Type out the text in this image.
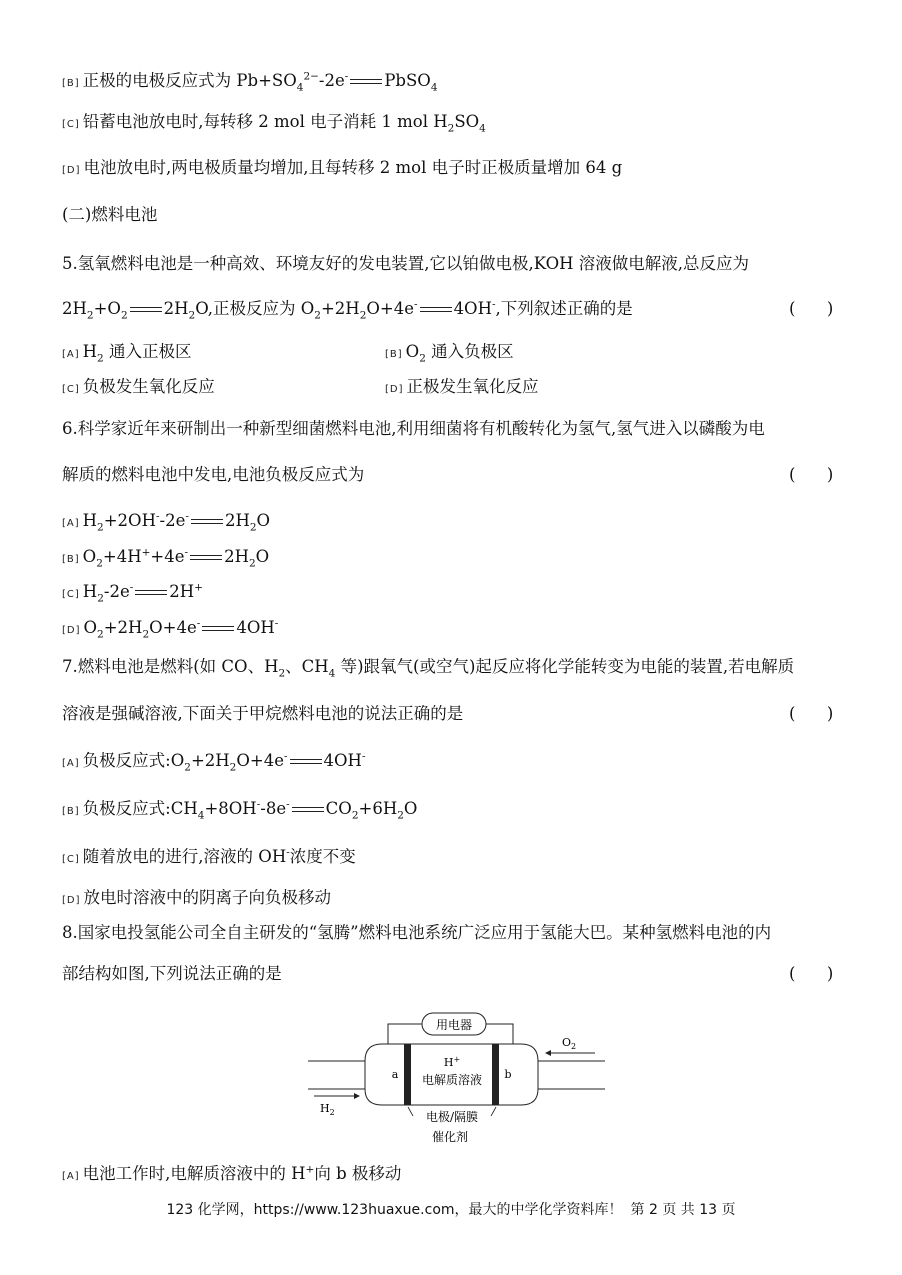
[B] 正极的电极反应式为 $Pb+SO_4^{2-}-2e^-$ PbSO$_4$
[C] 铅蓄电池放电时,每转移 2 mol 电子消耗 1 mol $H_2SO_4$
[D] 电池放电时,两电极质量均增加,且每转移 2 mol 电子时正极质量增加 64 g
(二)燃料电池
5.氢氧燃料电池是一种高效、环境友好的发电装置,它以铂做电极,KOH 溶液做电解液,总反应为
$2H_2+O_2$ $2H_2O$,正极反应为 $O_2+2H_2O+4e^-$ 4OH-,下列叙述正确的是	(      )
[A] $H_2$ 通入正极区	[B] $O_2$ 通入负极区
[C] 负极发生氧化反应	[D] 正极发生氧化反应
6.科学家近年来研制出一种新型细菌燃料电池,利用细菌将有机酸转化为氢气,氢气进入以磷酸为电
解质的燃料电池中发电,电池负极反应式为	(      )
[A] $H_2+2OH^--2e^-$ $2H_2O$
[B] $O_2+4H^++4e^-$ $2H_2O$
[C] $H_2-2e^-$ 2H+
[D] $O_2+2H_2O+4e^-$ 4OH-
7.燃料电池是燃料(如 CO、$H_2$、$CH_4$ 等)跟氧气(或空气)起反应将化学能转变为电能的装置,若电解质
溶液是强碱溶液,下面关于甲烷燃料电池的说法正确的是	(      )
[A] 负极反应式$:O_2+2H_2O+4e^-$ 4OH-
[B] 负极反应式$:CH_4+8OH^--8e^-$ $CO_2+6H_2O$
[C] 随着放电的进行,溶液的 OH-浓度不变
[D] 放电时溶液中的阴离子向负极移动
8.国家电投氢能公司全自主研发的“氢腾”燃料电池系统广泛应用于氢能大巴。某种氢燃料电池的内
部结构如图,下列说法正确的是	(      )
用电器
a	b
H+
电解质溶液
$O_2$
$H_2$	电极/隔膜
催化剂
[A] 电池工作时,电解质溶液中的 H+向 b 极移动
123 化学网，https://www.123huaxue.com，最大的中学化学资料库！ 第 2 页 共 13 页
